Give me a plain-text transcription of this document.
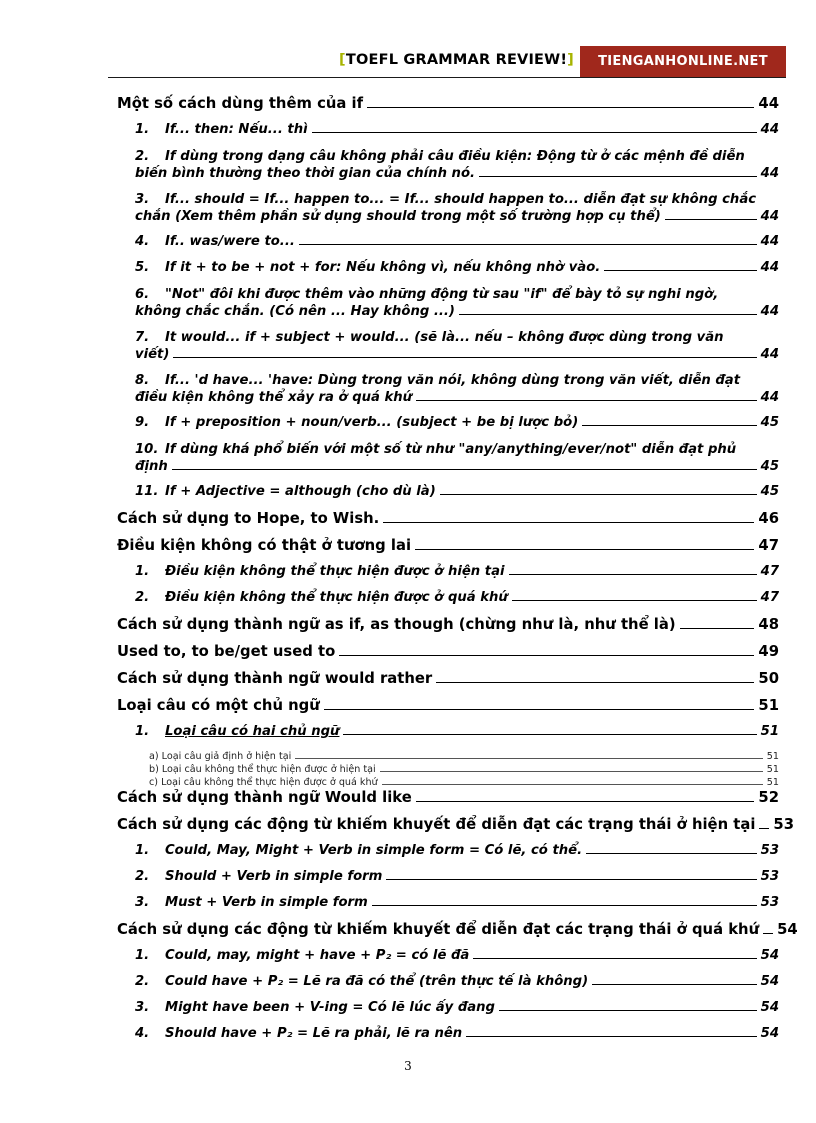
[TOEFL GRAMMAR REVIEW!]	TIENGANHONLINE.NET
Một số cách dùng thêm của if	44
1. If... then: Nếu... thì	44
2. If dùng trong dạng câu không phải câu điều kiện: Động từ ở các mệnh đề diễn
biến bình thường theo thời gian của chính nó.	44
3. If... should = If... happen to... = If... should happen to... diễn đạt sự không chắc
chắn (Xem thêm phần sử dụng should trong một số trường hợp cụ thể)	44
4. If.. was/were to...	44
5. If it + to be + not + for: Nếu không vì, nếu không nhờ vào.	44
6. "Not" đôi khi được thêm vào những động từ sau "if" để bày tỏ sự nghi ngờ,
không chắc chắn. (Có nên ... Hay không ...)	44
7. It would... if + subject + would... (sẽ là... nếu – không được dùng trong văn
viết)	44
8. If... 'd have... 'have: Dùng trong văn nói, không dùng trong văn viết, diễn đạt
điều kiện không thể xảy ra ở quá khứ	44
9. If + preposition + noun/verb... (subject + be bị lược bỏ)	45
10. If dùng khá phổ biến với một số từ như "any/anything/ever/not" diễn đạt phủ
định	45
11. If + Adjective = although (cho dù là)	45
Cách sử dụng to Hope, to Wish.	46
Điều kiện không có thật ở tương lai	47
1. Điều kiện không thể thực hiện được ở hiện tại	47
2. Điều kiện không thể thực hiện được ở quá khứ	47
Cách sử dụng thành ngữ as if, as though (chừng như là, như thể là)	48
Used to, to be/get used to	49
Cách sử dụng thành ngữ would rather	50
Loại câu có một chủ ngữ	51
1. Loại câu có hai chủ ngữ	51
a) Loại câu giả định ở hiện tại	51
b) Loại câu không thể thực hiện được ở hiện tại	51
c) Loại câu không thể thực hiện được ở quá khứ	51
Cách sử dụng thành ngữ Would like	52
Cách sử dụng các động từ khiếm khuyết để diễn đạt các trạng thái ở hiện tại 53
1. Could, May, Might + Verb in simple form = Có lẽ, có thể.	53
2. Should + Verb in simple form	53
3. Must + Verb in simple form	53
Cách sử dụng các động từ khiếm khuyết để diễn đạt các trạng thái ở quá khứ 54
1. Could, may, might + have + P₂ = có lẽ đã	54
2. Could have + P₂ = Lẽ ra đã có thể (trên thực tế là không)	54
3. Might have been + V-ing = Có lẽ lúc ấy đang	54
4. Should have + P₂ = Lẽ ra phải, lẽ ra nên	54
3
